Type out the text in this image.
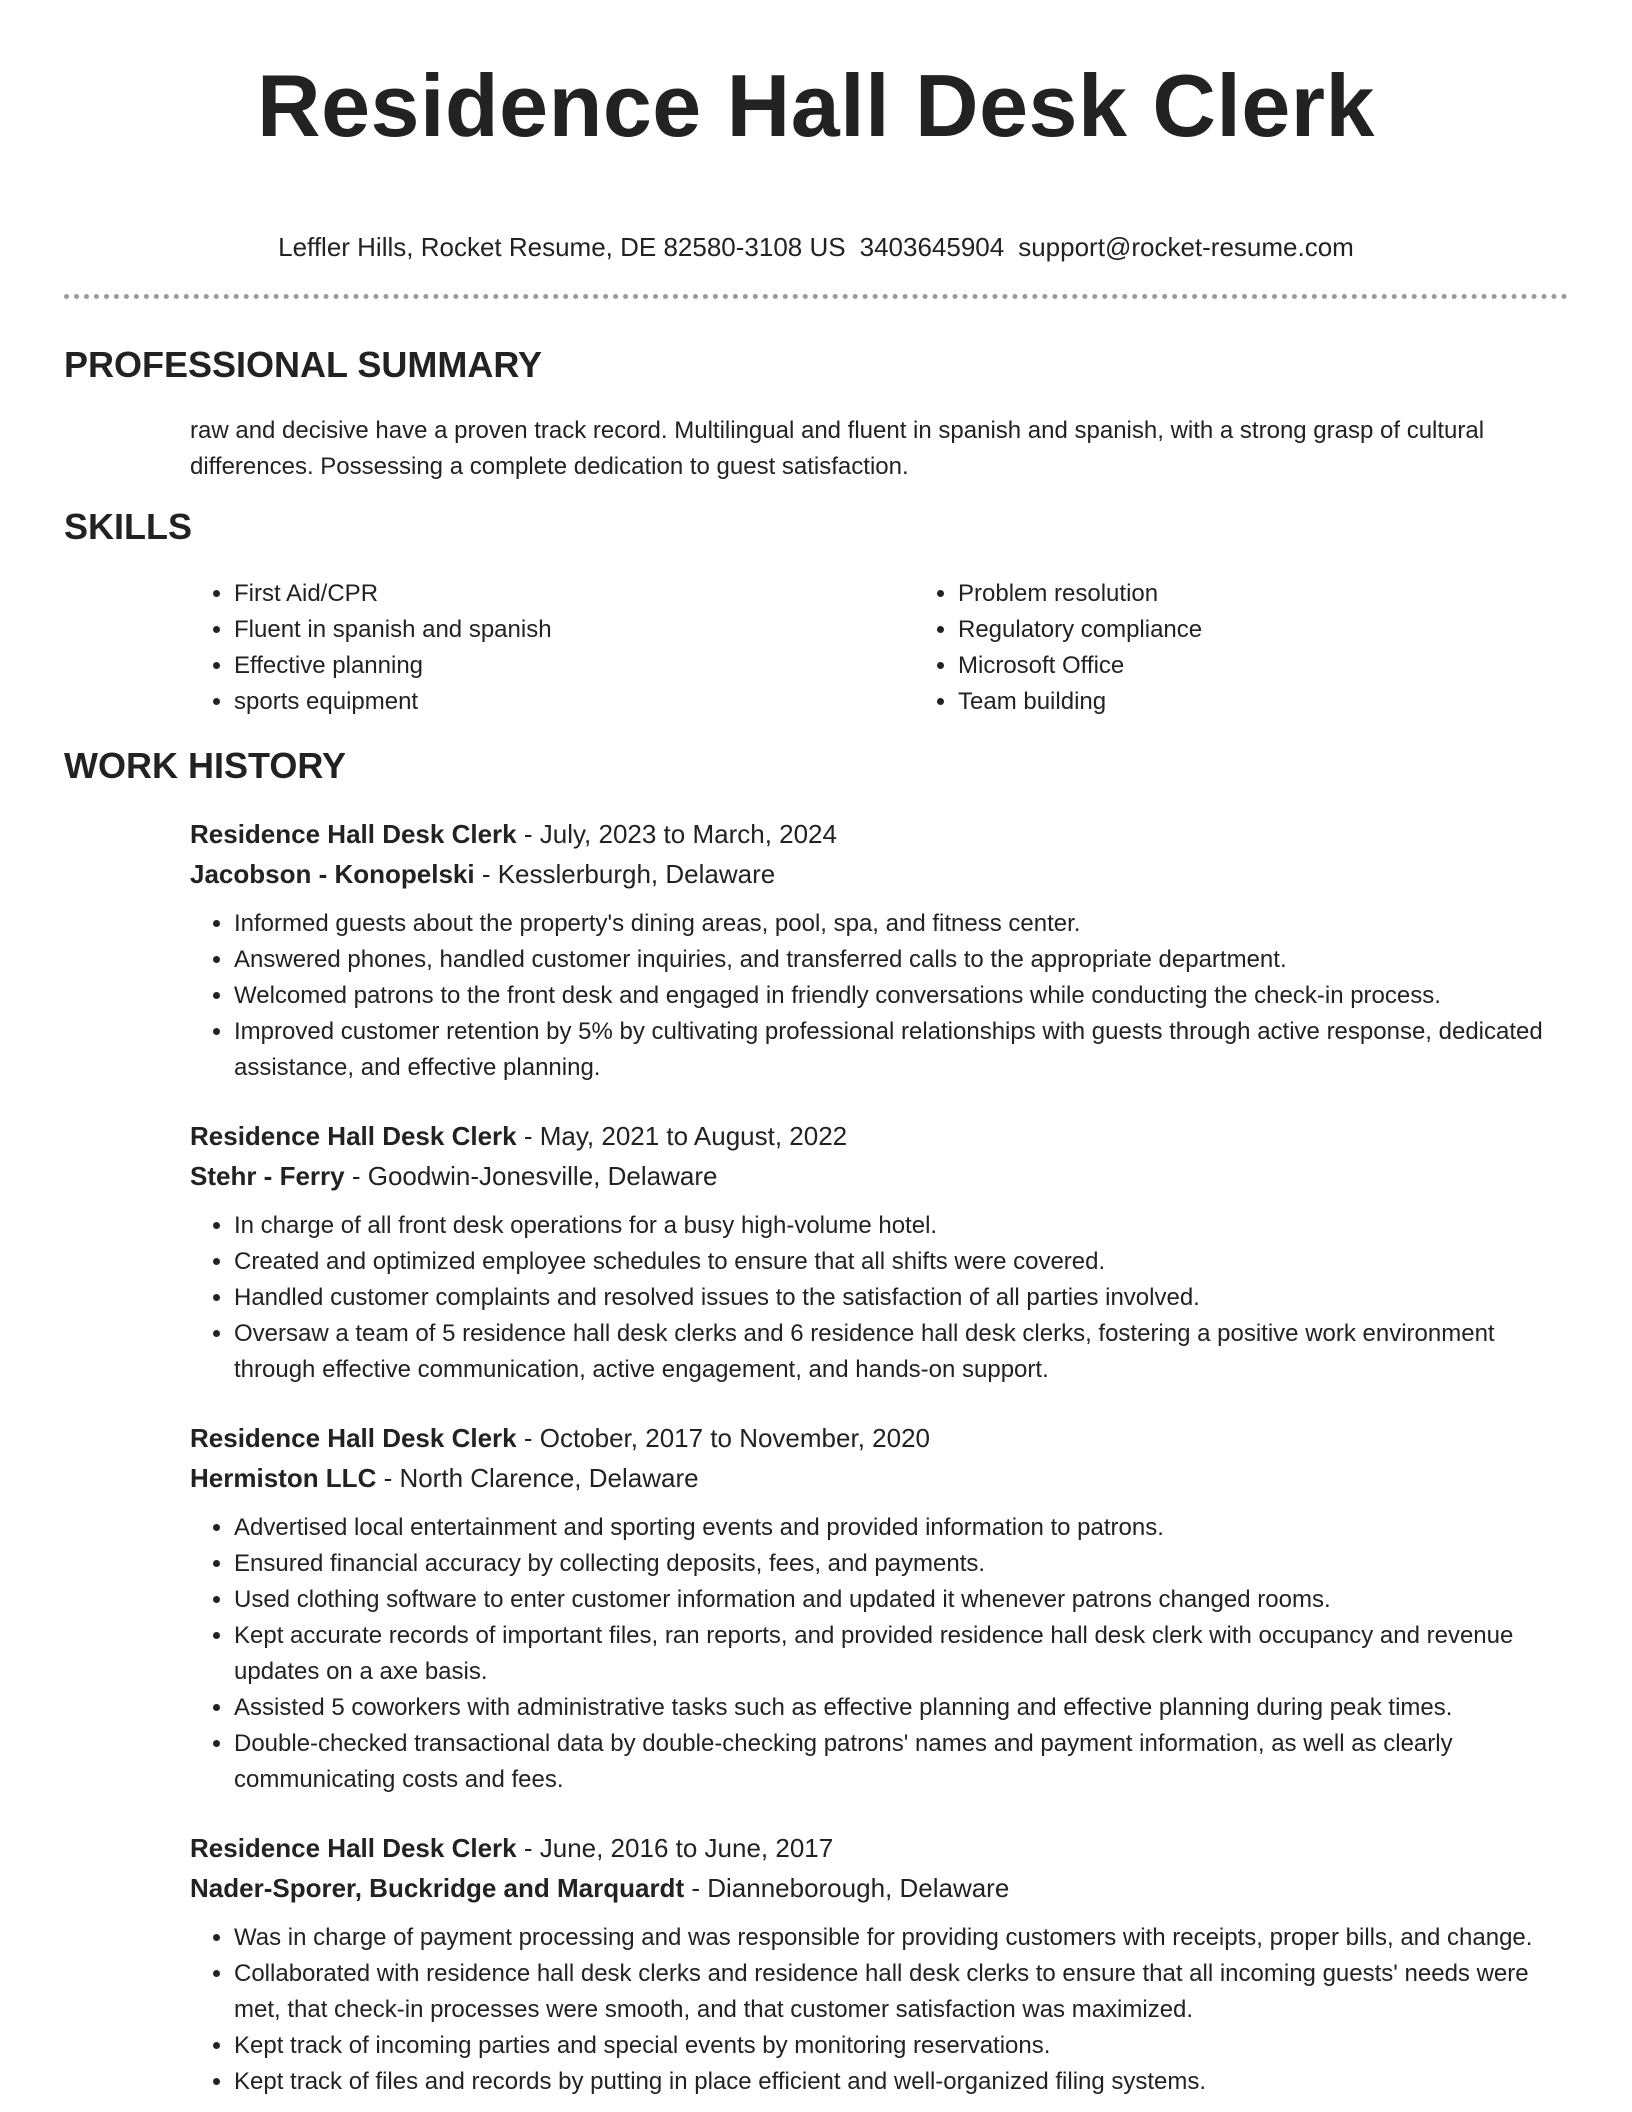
Residence Hall Desk Clerk
Leffler Hills, Rocket Resume, DE 82580-3108 US 3403645904 support@rocket-resume.com
PROFESSIONAL SUMMARY
raw and decisive have a proven track record. Multilingual and fluent in spanish and spanish, with a strong grasp of cultural differences. Possessing a complete dedication to guest satisfaction.
SKILLS
• First Aid/CPR
• Fluent in spanish and spanish
• Effective planning
• sports equipment
• Problem resolution
• Regulatory compliance
• Microsoft Office
• Team building
WORK HISTORY
Residence Hall Desk Clerk - July, 2023 to March, 2024
Jacobson - Konopelski - Kesslerburgh, Delaware
• Informed guests about the property's dining areas, pool, spa, and fitness center.
• Answered phones, handled customer inquiries, and transferred calls to the appropriate department.
• Welcomed patrons to the front desk and engaged in friendly conversations while conducting the check-in process.
• Improved customer retention by 5% by cultivating professional relationships with guests through active response, dedicated assistance, and effective planning.
Residence Hall Desk Clerk - May, 2021 to August, 2022
Stehr - Ferry - Goodwin-Jonesville, Delaware
• In charge of all front desk operations for a busy high-volume hotel.
• Created and optimized employee schedules to ensure that all shifts were covered.
• Handled customer complaints and resolved issues to the satisfaction of all parties involved.
• Oversaw a team of 5 residence hall desk clerks and 6 residence hall desk clerks, fostering a positive work environment through effective communication, active engagement, and hands-on support.
Residence Hall Desk Clerk - October, 2017 to November, 2020
Hermiston LLC - North Clarence, Delaware
• Advertised local entertainment and sporting events and provided information to patrons.
• Ensured financial accuracy by collecting deposits, fees, and payments.
• Used clothing software to enter customer information and updated it whenever patrons changed rooms.
• Kept accurate records of important files, ran reports, and provided residence hall desk clerk with occupancy and revenue updates on a axe basis.
• Assisted 5 coworkers with administrative tasks such as effective planning and effective planning during peak times.
• Double-checked transactional data by double-checking patrons' names and payment information, as well as clearly communicating costs and fees.
Residence Hall Desk Clerk - June, 2016 to June, 2017
Nader-Sporer, Buckridge and Marquardt - Dianneborough, Delaware
• Was in charge of payment processing and was responsible for providing customers with receipts, proper bills, and change.
• Collaborated with residence hall desk clerks and residence hall desk clerks to ensure that all incoming guests' needs were met, that check-in processes were smooth, and that customer satisfaction was maximized.
• Kept track of incoming parties and special events by monitoring reservations.
• Kept track of files and records by putting in place efficient and well-organized filing systems.
